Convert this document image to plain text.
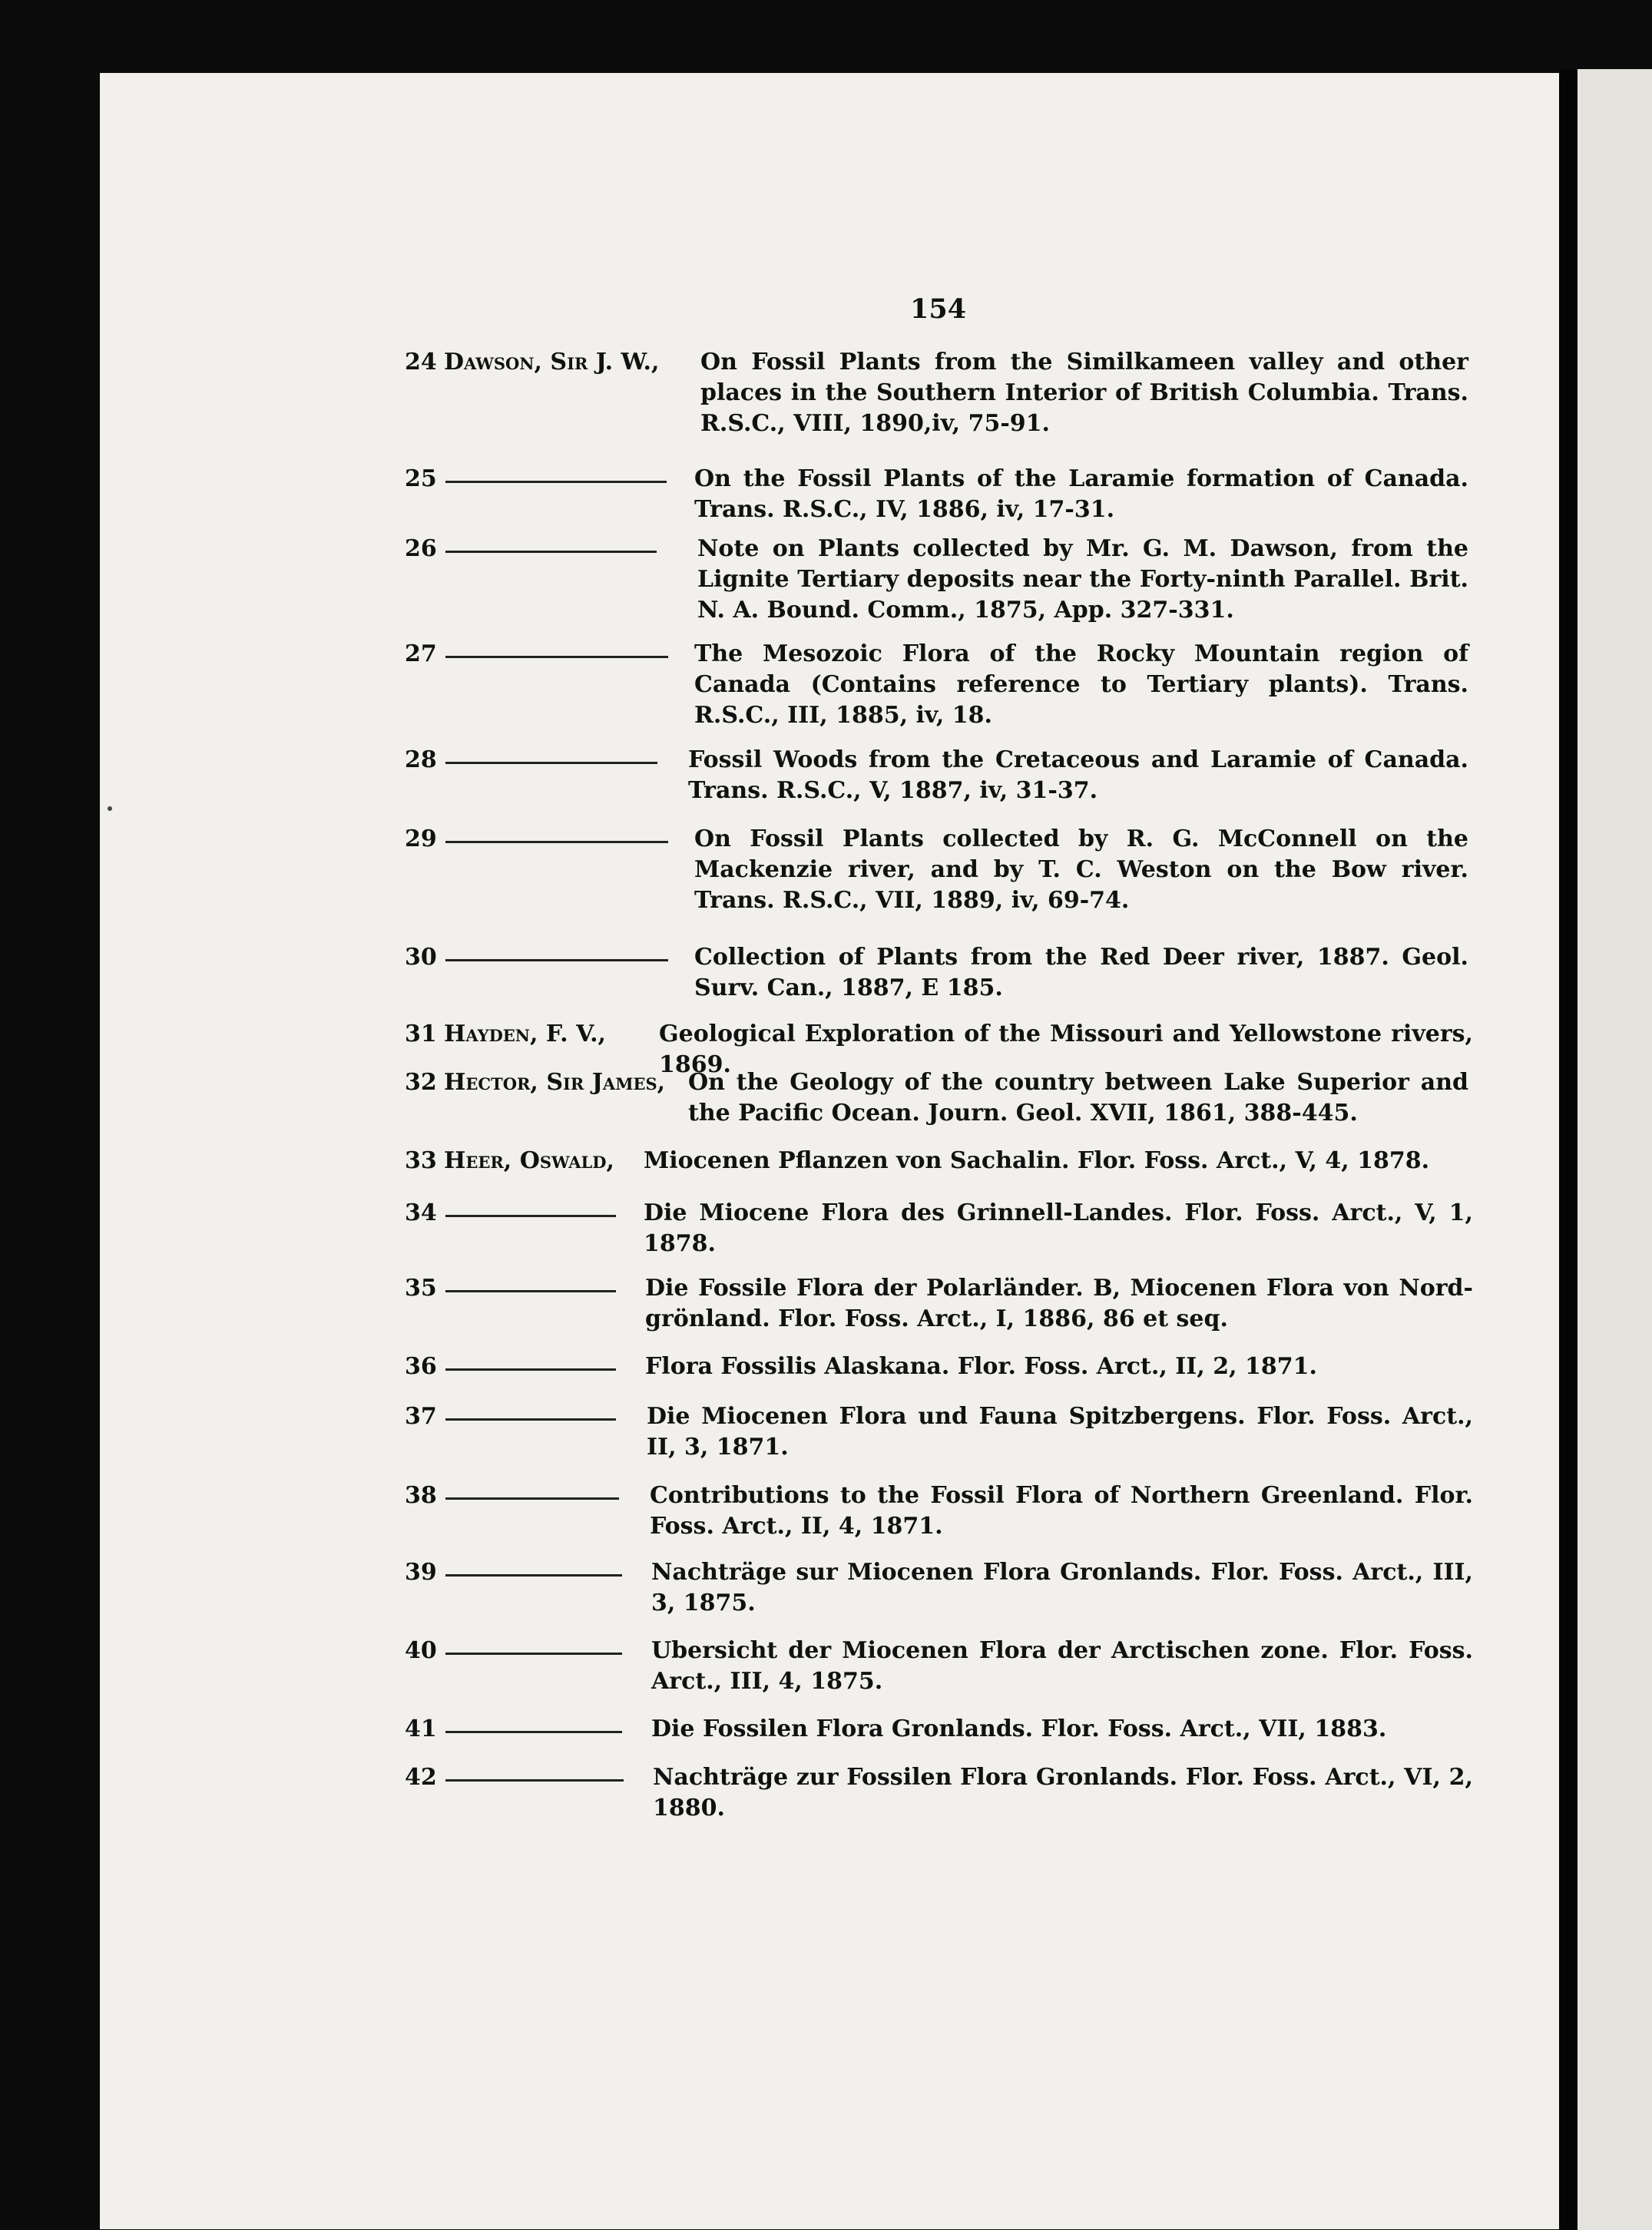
154
24 Dawson, Sir J. W., On Fossil Plants from the Similkameen valley and other places in the Southern Interior of British Columbia. Trans. R.S.C., VIII, 1890,iv, 75-91.
25	On the Fossil Plants of the Laramie formation of Canada. Trans. R.S.C., IV, 1886, iv, 17-31.
26	Note on Plants collected by Mr. G. M. Dawson, from the Lignite Tertiary deposits near the Forty-ninth Parallel. Brit. N. A. Bound. Comm., 1875, App. 327-331.
27	The Mesozoic Flora of the Rocky Mountain region of Canada (Contains reference to Tertiary plants). Trans. R.S.C., III, 1885, iv, 18.
28	Fossil Woods from the Cretaceous and Laramie of Canada. Trans. R.S.C., V, 1887, iv, 31-37.
29	On Fossil Plants collected by R. G. McConnell on the Mackenzie river, and by T. C. Weston on the Bow river. Trans. R.S.C., VII, 1889, iv, 69-74.
30	Collection of Plants from the Red Deer river, 1887. Geol. Surv. Can., 1887, E 185.
31 Hayden, F. V., Geological Exploration of the Missouri and Yellowstone rivers, 1869.
32 Hector, Sir James, On the Geology of the country between Lake Superior and the Pacific Ocean. Journ. Geol. XVII, 1861, 388-445.
33 Heer, Oswald, Miocenen Pflanzen von Sachalin. Flor. Foss. Arct., V, 4, 1878.
34	Die Miocene Flora des Grinnell-Landes. Flor. Foss. Arct., V, 1, 1878.
35	Die Fossile Flora der Polarländer. B, Miocenen Flora von Nord-grönland. Flor. Foss. Arct., I, 1886, 86 et seq.
36	Flora Fossilis Alaskana. Flor. Foss. Arct., II, 2, 1871.
37	Die Miocenen Flora und Fauna Spitzbergens. Flor. Foss. Arct., II, 3, 1871.
38	Contributions to the Fossil Flora of Northern Greenland. Flor. Foss. Arct., II, 4, 1871.
39	Nachträge sur Miocenen Flora Gronlands. Flor. Foss. Arct., III, 3, 1875.
40	Ubersicht der Miocenen Flora der Arctischen zone. Flor. Foss. Arct., III, 4, 1875.
41	Die Fossilen Flora Gronlands. Flor. Foss. Arct., VII, 1883.
42	Nachträge zur Fossilen Flora Gronlands. Flor. Foss. Arct., VI, 2, 1880.
